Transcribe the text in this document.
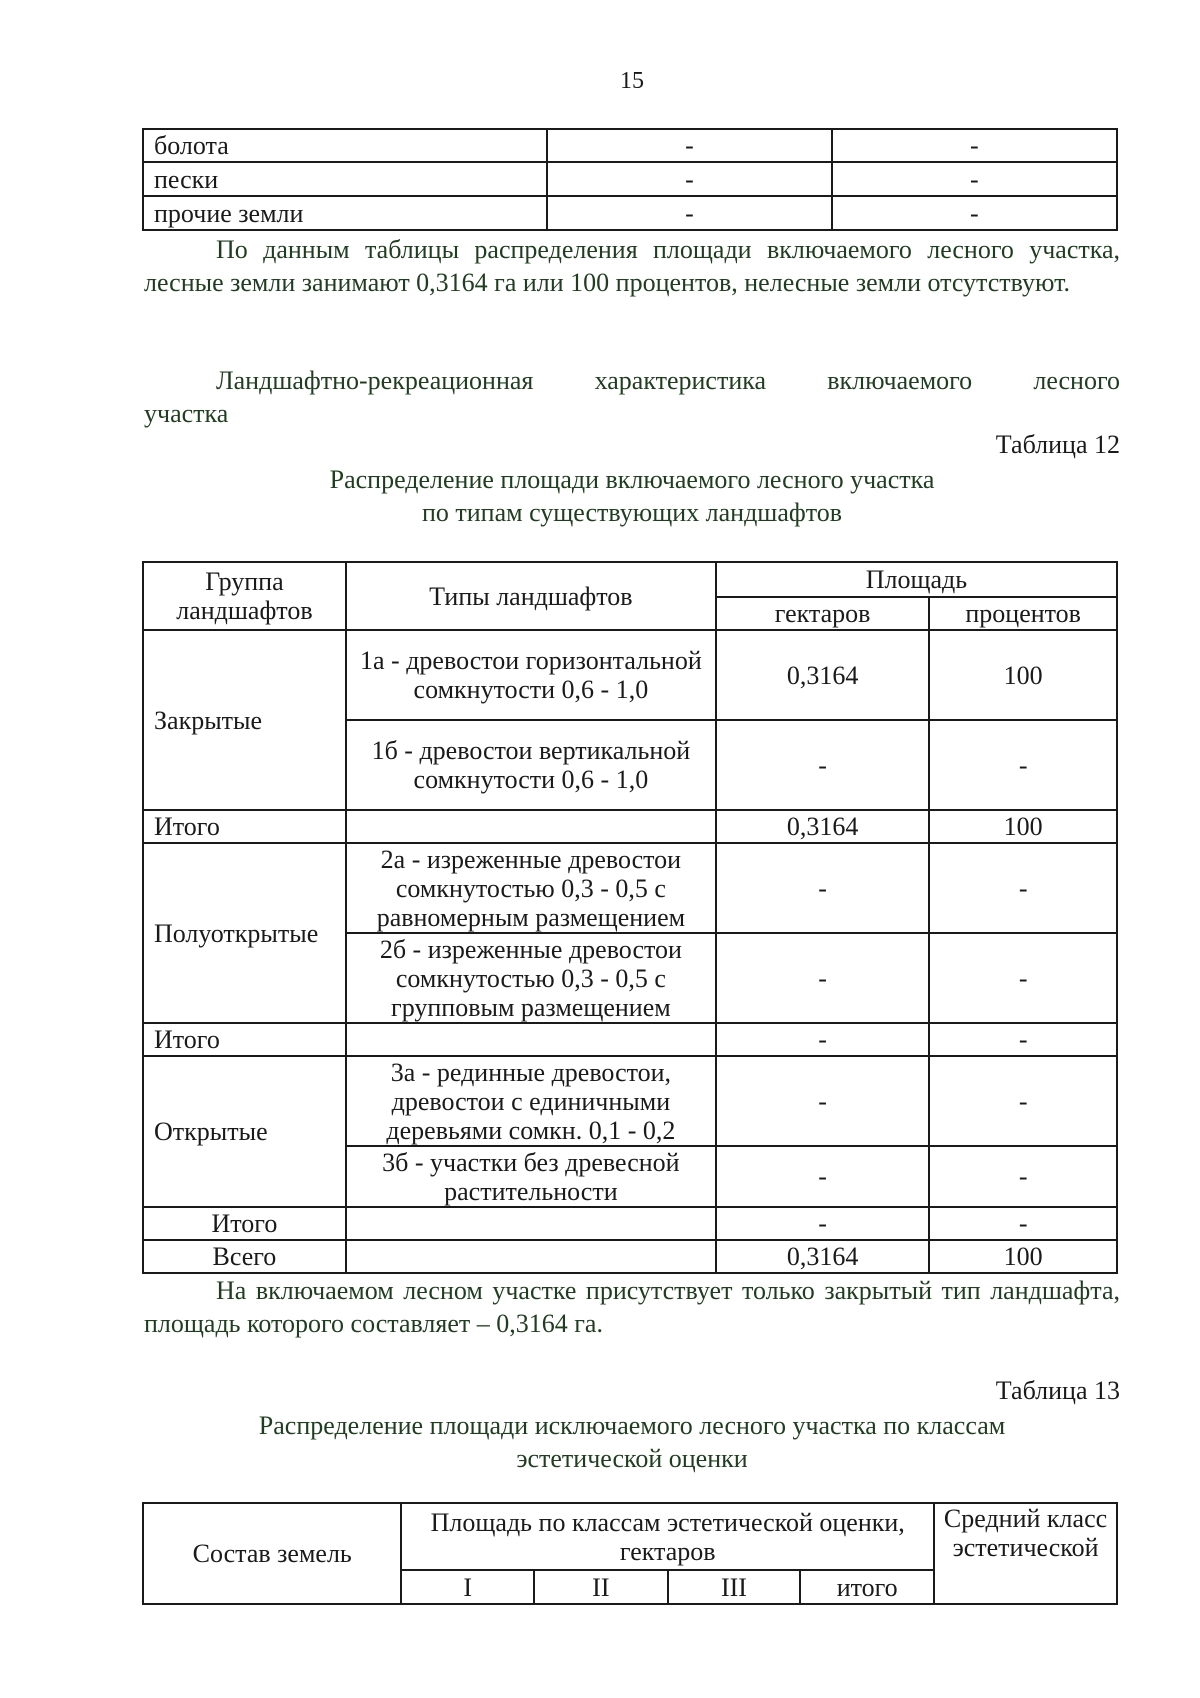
15
болота	-	-
пески	-	-
прочие земли	-	-
По данным таблицы распределения площади включаемого лесного участка, лесные земли занимают 0,3164 га или 100 процентов, нелесные земли отсутствуют.
Ландшафтно-рекреационная характеристика включаемого лесного
участка
Таблица 12
Распределение площади включаемого лесного участка
по типам существующих ландшафтов
Группа ландшафтов	Типы ландшафтов	Площадь	
		гектаров	процентов
Закрытые	1а - древостои горизонтальной сомкнутости 0,6 - 1,0	0,3164	100
	1б - древостои вертикальной сомкнутости 0,6 - 1,0	-	-
Итого		0,3164	100
Полуоткрытые	2а - изреженные древостои сомкнутостью 0,3 - 0,5 с равномерным размещением	-	-
	2б - изреженные древостои сомкнутостью 0,3 - 0,5 с групповым размещением	-	-
Итого		-	-
Открытые	3а - рединные древостои, древостои с единичными деревьями сомкн. 0,1 - 0,2	-	-
	3б - участки без древесной растительности	-	-
Итого		-	-
Всего		0,3164	100
На включаемом лесном участке присутствует только закрытый тип ландшафта, площадь которого составляет – 0,3164 га.
Таблица 13
Распределение площади исключаемого лесного участка по классам
эстетической оценки
Состав земель	Площадь по классам эстетической оценки, гектаров				Средний класс эстетической
	I	II	III	итого	
